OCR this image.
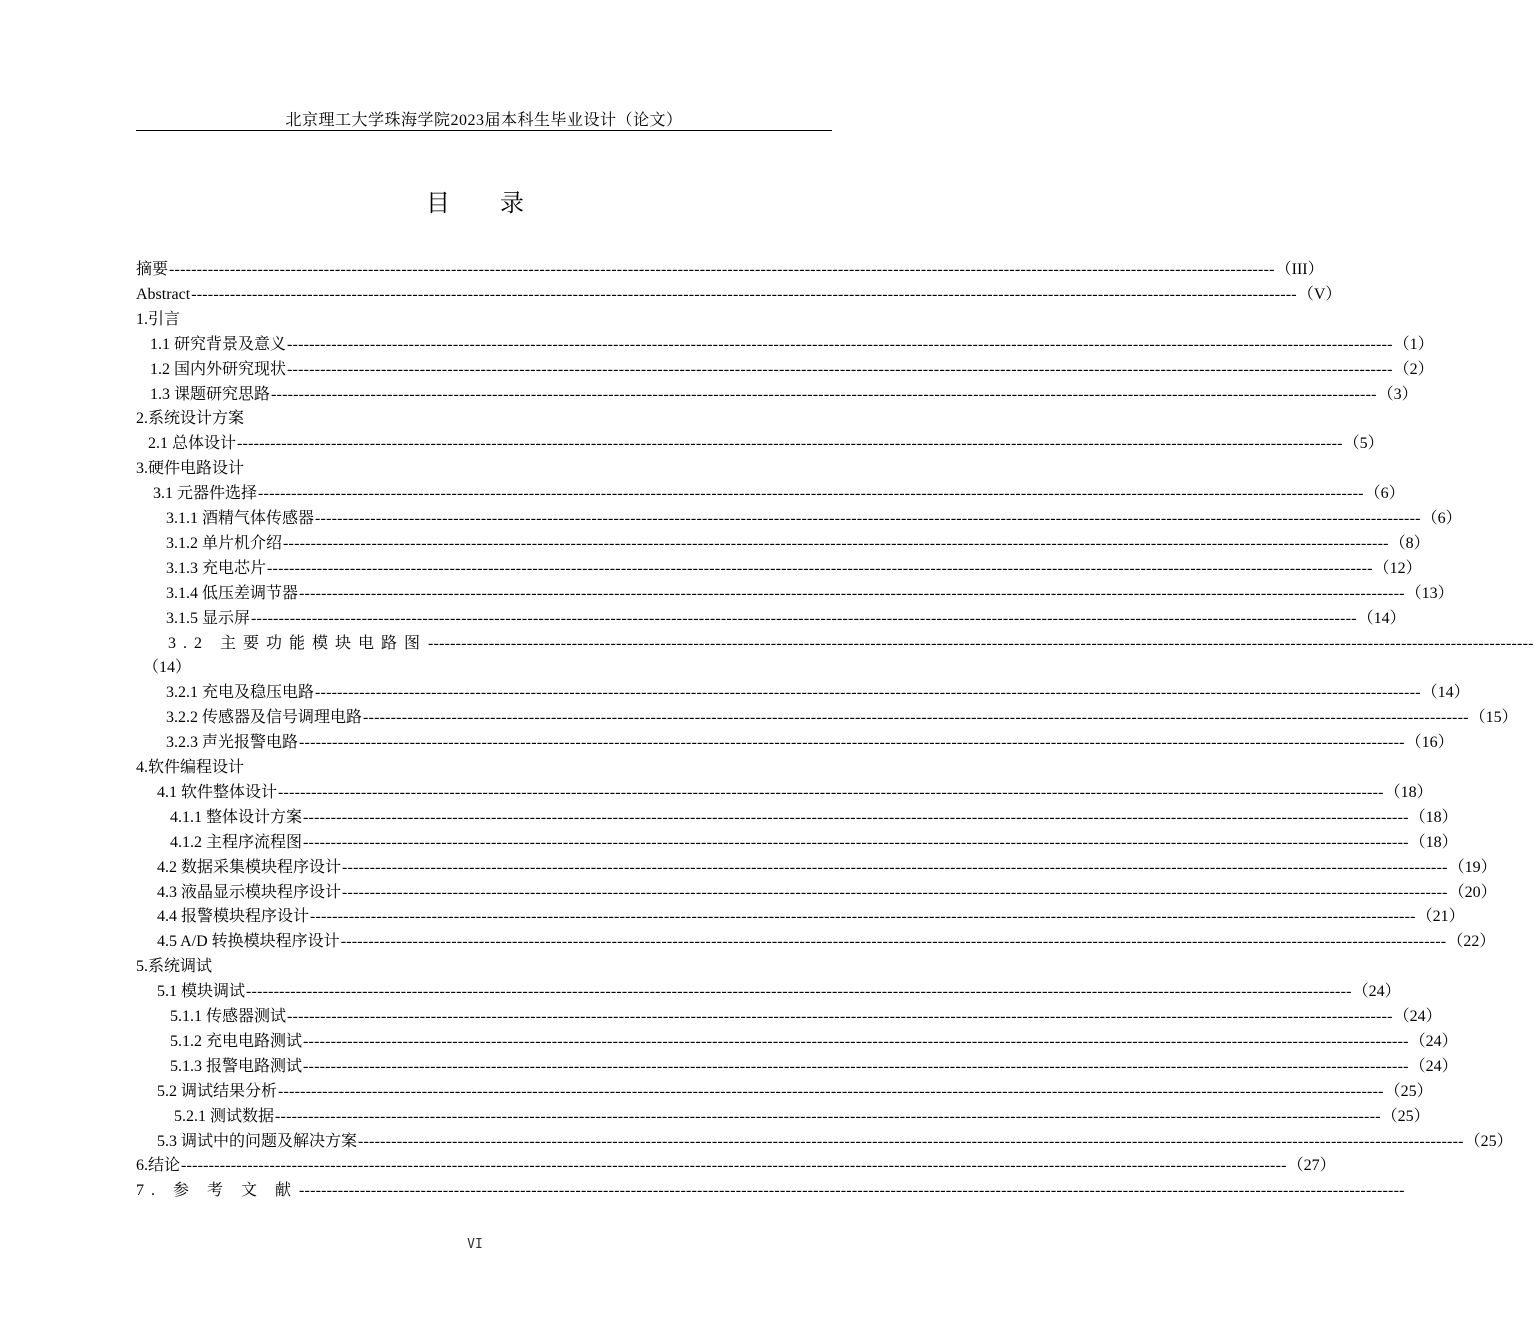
北京理工大学珠海学院2023届本科生毕业设计（论文）
目 录
摘要 -------------------------------------------------------------------------------------------------------------------------------------------------------------------------------------------------------- （III）
Abstract -------------------------------------------------------------------------------------------------------------------------------------------------------------------------------------------------------- （V）
1.引言
1.1 研究背景及意义 -------------------------------------------------------------------------------------------------------------------------------------------------------------------------------------------------------- （1）
1.2 国内外研究现状 -------------------------------------------------------------------------------------------------------------------------------------------------------------------------------------------------------- （2）
1.3 课题研究思路 -------------------------------------------------------------------------------------------------------------------------------------------------------------------------------------------------------- （3）
2.系统设计方案
2.1 总体设计 -------------------------------------------------------------------------------------------------------------------------------------------------------------------------------------------------------- （5）
3.硬件电路设计
3.1 元器件选择 -------------------------------------------------------------------------------------------------------------------------------------------------------------------------------------------------------- （6）
3.1.1 酒精气体传感器 -------------------------------------------------------------------------------------------------------------------------------------------------------------------------------------------------------- （6）
3.1.2 单片机介绍 -------------------------------------------------------------------------------------------------------------------------------------------------------------------------------------------------------- （8）
3.1.3 充电芯片 -------------------------------------------------------------------------------------------------------------------------------------------------------------------------------------------------------- （12）
3.1.4 低压差调节器 -------------------------------------------------------------------------------------------------------------------------------------------------------------------------------------------------------- （13）
3.1.5 显示屏 -------------------------------------------------------------------------------------------------------------------------------------------------------------------------------------------------------- （14）
3.2 主要功能模块电路图 --------------------------------------------------------------------------------------------------------------------------------------------------------------------------------------------------------
（14）
3.2.1 充电及稳压电路 -------------------------------------------------------------------------------------------------------------------------------------------------------------------------------------------------------- （14）
3.2.2 传感器及信号调理电路 -------------------------------------------------------------------------------------------------------------------------------------------------------------------------------------------------------- （15）
3.2.3 声光报警电路 -------------------------------------------------------------------------------------------------------------------------------------------------------------------------------------------------------- （16）
4.软件编程设计
4.1 软件整体设计 -------------------------------------------------------------------------------------------------------------------------------------------------------------------------------------------------------- （18）
4.1.1 整体设计方案 -------------------------------------------------------------------------------------------------------------------------------------------------------------------------------------------------------- （18）
4.1.2 主程序流程图 -------------------------------------------------------------------------------------------------------------------------------------------------------------------------------------------------------- （18）
4.2 数据采集模块程序设计 -------------------------------------------------------------------------------------------------------------------------------------------------------------------------------------------------------- （19）
4.3 液晶显示模块程序设计 -------------------------------------------------------------------------------------------------------------------------------------------------------------------------------------------------------- （20）
4.4 报警模块程序设计 -------------------------------------------------------------------------------------------------------------------------------------------------------------------------------------------------------- （21）
4.5 A/D 转换模块程序设计 -------------------------------------------------------------------------------------------------------------------------------------------------------------------------------------------------------- （22）
5.系统调试
5.1 模块调试 -------------------------------------------------------------------------------------------------------------------------------------------------------------------------------------------------------- （24）
5.1.1 传感器测试 -------------------------------------------------------------------------------------------------------------------------------------------------------------------------------------------------------- （24）
5.1.2 充电电路测试 -------------------------------------------------------------------------------------------------------------------------------------------------------------------------------------------------------- （24）
5.1.3 报警电路测试 -------------------------------------------------------------------------------------------------------------------------------------------------------------------------------------------------------- （24）
5.2 调试结果分析 -------------------------------------------------------------------------------------------------------------------------------------------------------------------------------------------------------- （25）
5.2.1 测试数据 -------------------------------------------------------------------------------------------------------------------------------------------------------------------------------------------------------- （25）
5.3 调试中的问题及解决方案 -------------------------------------------------------------------------------------------------------------------------------------------------------------------------------------------------------- （25）
6.结论 -------------------------------------------------------------------------------------------------------------------------------------------------------------------------------------------------------- （27）
7. 参 考 文 献 --------------------------------------------------------------------------------------------------------------------------------------------------------------------------------------------------------
VI
